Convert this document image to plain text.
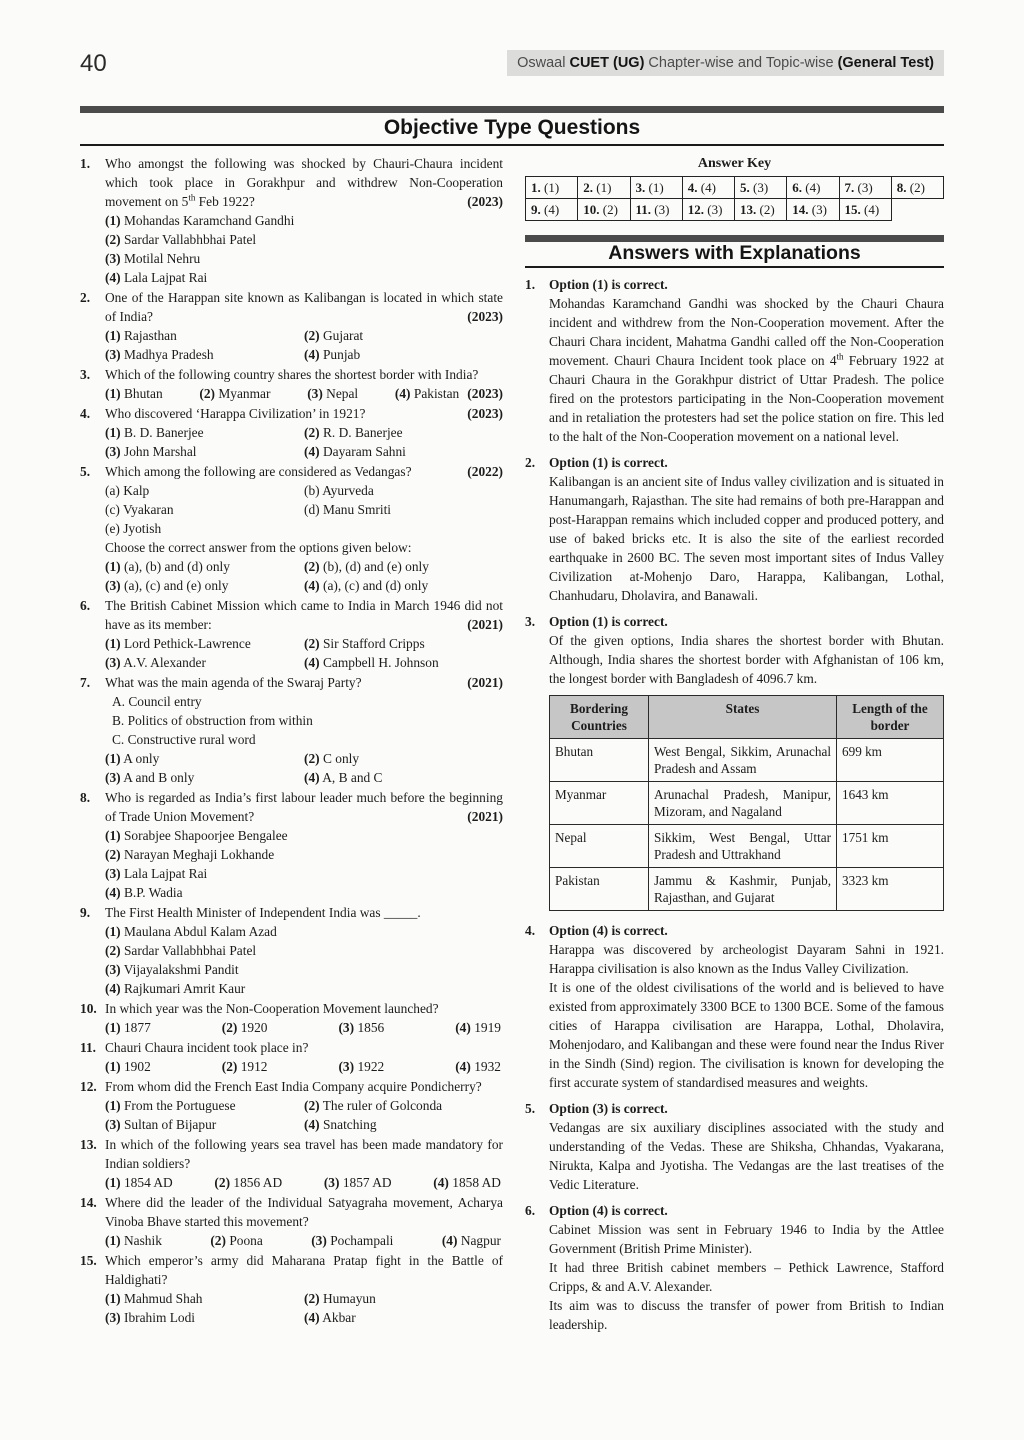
40	Oswaal CUET (UG) Chapter-wise and Topic-wise (General Test)
Objective Type Questions
1.	Who amongst the following was shocked by Chauri-Chaura incident which took place in Gorakhpur and withdrew Non-Cooperation movement on 5th Feb 1922?	(2023)

(1) Mohandas Karamchand Gandhi
(2) Sardar Vallabhbhai Patel
(3) Motilal Nehru
(4) Lala Lajpat Rai
2.	One of the Harappan site known as Kalibangan is located in which state of India?	(2023)

(1) Rajasthan	(2) Gujarat
(3) Madhya Pradesh	(4) Punjab
3.	Which of the following country shares the shortest border with India?
(2023)

(1) Bhutan	(2) Myanmar	(3) Nepal	(4) Pakistan
4.	Who discovered ‘Harappa Civilization’ in 1921?	(2023)

(1) B. D. Banerjee	(2) R. D. Banerjee
(3) John Marshal	(4) Dayaram Sahni
5.	Which among the following are considered as Vedangas?	(2022)

(a) Kalp	(b) Ayurveda
(c) Vyakaran	(d) Manu Smriti
(e) Jyotish

Choose the correct answer from the options given below:

(1) (a), (b) and (d) only	(2) (b), (d) and (e) only
(3) (a), (c) and (e) only	(4) (a), (c) and (d) only
6.	The British Cabinet Mission which came to India in March 1946 did not have as its member:	(2021)

(1) Lord Pethick-Lawrence	(2) Sir Stafford Cripps
(3) A.V. Alexander	(4) Campbell H. Johnson
7.	What was the main agenda of the Swaraj Party?	(2021)

A. Council entry
B. Politics of obstruction from within
C. Constructive rural word
(1) A only	(2) C only
(3) A and B only	(4) A, B and C
8.	Who is regarded as India’s first labour leader much before the beginning of Trade Union Movement?	(2021)

(1) Sorabjee Shapoorjee Bengalee
(2) Narayan Meghaji Lokhande
(3) Lala Lajpat Rai
(4) B.P. Wadia
9.	The First Health Minister of Independent India was _____.

(1) Maulana Abdul Kalam Azad
(2) Sardar Vallabhbhai Patel
(3) Vijayalakshmi Pandit
(4) Rajkumari Amrit Kaur
10. In which year was the Non-Cooperation Movement launched?

(1) 1877	(2) 1920	(3) 1856	(4) 1919
11. Chauri Chaura incident took place in?

(1) 1902	(2) 1912	(3) 1922	(4) 1932
12. From whom did the French East India Company acquire Pondicherry?

(1) From the Portuguese	(2) The ruler of Golconda
(3) Sultan of Bijapur	(4) Snatching
13. In which of the following years sea travel has been made mandatory for Indian soldiers?

(1) 1854 AD	(2) 1856 AD	(3) 1857 AD	(4) 1858 AD
14. Where did the leader of the Individual Satyagraha movement, Acharya Vinoba Bhave started this movement?

(1) Nashik	(2) Poona	(3) Pochampali	(4) Nagpur
15. Which emperor’s army did Maharana Pratap fight in the Battle of Haldighati?

(1) Mahmud Shah	(2) Humayun
(3) Ibrahim Lodi	(4) Akbar
Answer Key
1. (1)	2. (1)	3. (1)	4. (4)	5. (3)	6. (4)	7. (3)	8. (2)
9. (4)	10. (2)	11. (3)	12. (3)	13. (2)	14. (3)	15. (4)	
Answers with Explanations
1.	Option (1) is correct.

Mohandas Karamchand Gandhi was shocked by the Chauri Chaura incident and withdrew from the Non-Cooperation movement. After the Chauri Chara incident, Mahatma Gandhi called off the Non-Cooperation movement. Chauri Chaura Incident took place on 4th February 1922 at Chauri Chaura in the Gorakhpur district of Uttar Pradesh. The police fired on the protestors participating in the Non-Cooperation movement and in retaliation the protesters had set the police station on fire. This led to the halt of the Non-Cooperation movement on a national level.

2.	Option (1) is correct.

Kalibangan is an ancient site of Indus valley civilization and is situated in Hanumangarh, Rajasthan. The site had remains of both pre-Harappan and post-Harappan remains which included copper and produced pottery, and use of baked bricks etc. It is also the site of the earliest recorded earthquake in 2600 BC. The seven most important sites of Indus Valley Civilization at-Mohenjo Daro, Harappa, Kalibangan, Lothal, Chanhudaru, Dholavira, and Banawali.

3.	Option (1) is correct.

Of the given options, India shares the shortest border with Bhutan. Although, India shares the shortest border with Afghanistan of 106 km, the longest border with Bangladesh of 4096.7 km.

Bordering Countries	States	Length of the border
Bhutan	West Bengal, Sikkim, Arunachal Pradesh and Assam	699 km
Myanmar	Arunachal Pradesh, Manipur, Mizoram, and Nagaland	1643 km
Nepal	Sikkim, West Bengal, Uttar Pradesh and Uttrakhand	1751 km
Pakistan	Jammu & Kashmir, Punjab, Rajasthan, and Gujarat	3323 km
4.	Option (4) is correct.

Harappa was discovered by archeologist Dayaram Sahni in 1921. Harappa civilisation is also known as the Indus Valley Civilization.

It is one of the oldest civilisations of the world and is believed to have existed from approximately 3300 BCE to 1300 BCE. Some of the famous cities of Harappa civilisation are Harappa, Lothal, Dholavira, Mohenjodaro, and Kalibangan and these were found near the Indus River in the Sindh (Sind) region. The civilisation is known for developing the first accurate system of standardised measures and weights.

5.	Option (3) is correct.

Vedangas are six auxiliary disciplines associated with the study and understanding of the Vedas. These are Shiksha, Chhandas, Vyakarana, Nirukta, Kalpa and Jyotisha. The Vedangas are the last treatises of the Vedic Literature.

6.	Option (4) is correct.

Cabinet Mission was sent in February 1946 to India by the Attlee Government (British Prime Minister).

It had three British cabinet members – Pethick Lawrence, Stafford Cripps, & and A.V. Alexander.

Its aim was to discuss the transfer of power from British to Indian leadership.
